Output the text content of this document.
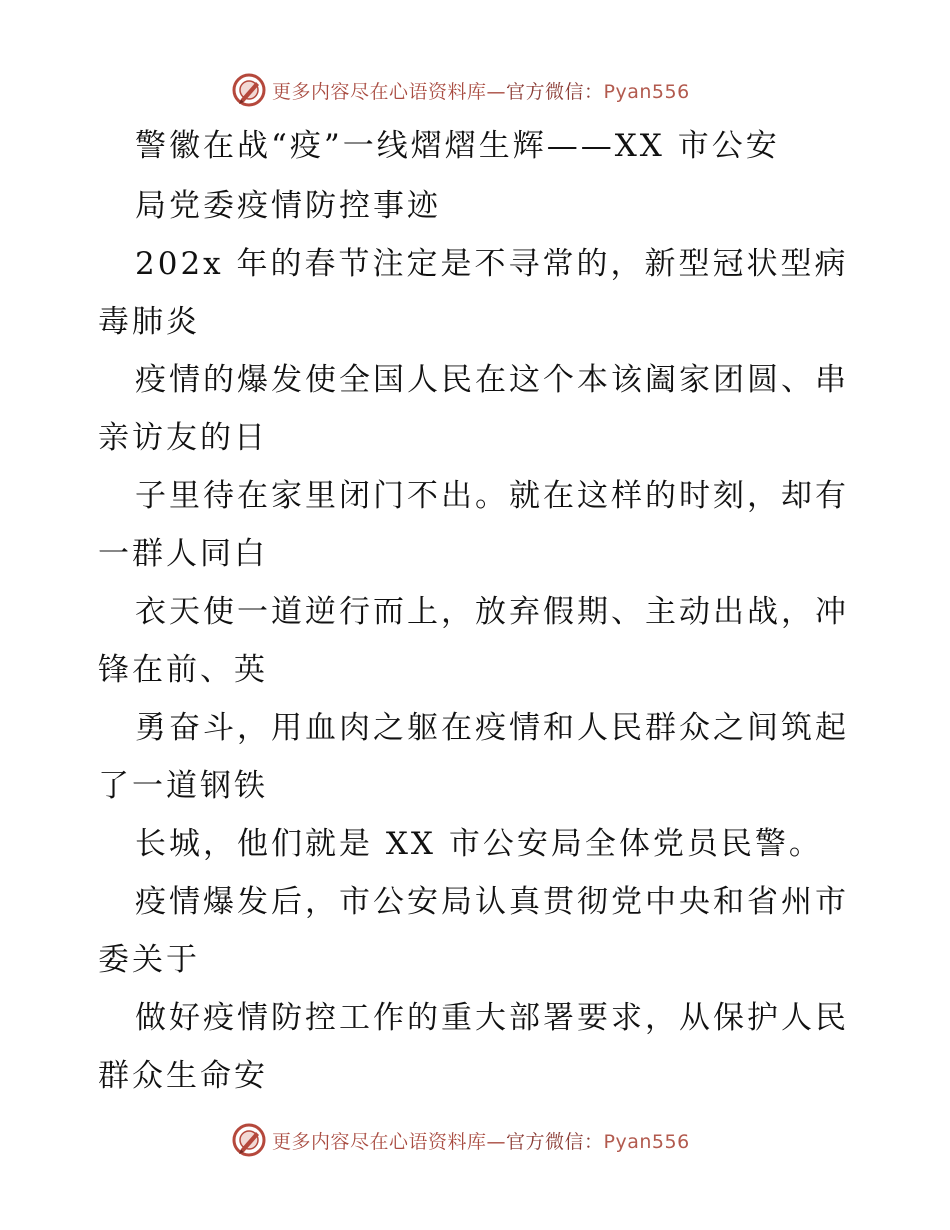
更多内容尽在心语资料库—官方微信：Pyan556
警徽在战“疫”一线熠熠生辉——XX 市公安
局党委疫情防控事迹
202x 年的春节注定是不寻常的，新型冠状型病
毒肺炎
疫情的爆发使全国人民在这个本该阖家团圆、串
亲访友的日
子里待在家里闭门不出。就在这样的时刻，却有
一群人同白
衣天使一道逆行而上，放弃假期、主动出战，冲
锋在前、英
勇奋斗，用血肉之躯在疫情和人民群众之间筑起
了一道钢铁
长城，他们就是 XX 市公安局全体党员民警。
疫情爆发后，市公安局认真贯彻党中央和省州市
委关于
做好疫情防控工作的重大部署要求，从保护人民
群众生命安
更多内容尽在心语资料库—官方微信：Pyan556
